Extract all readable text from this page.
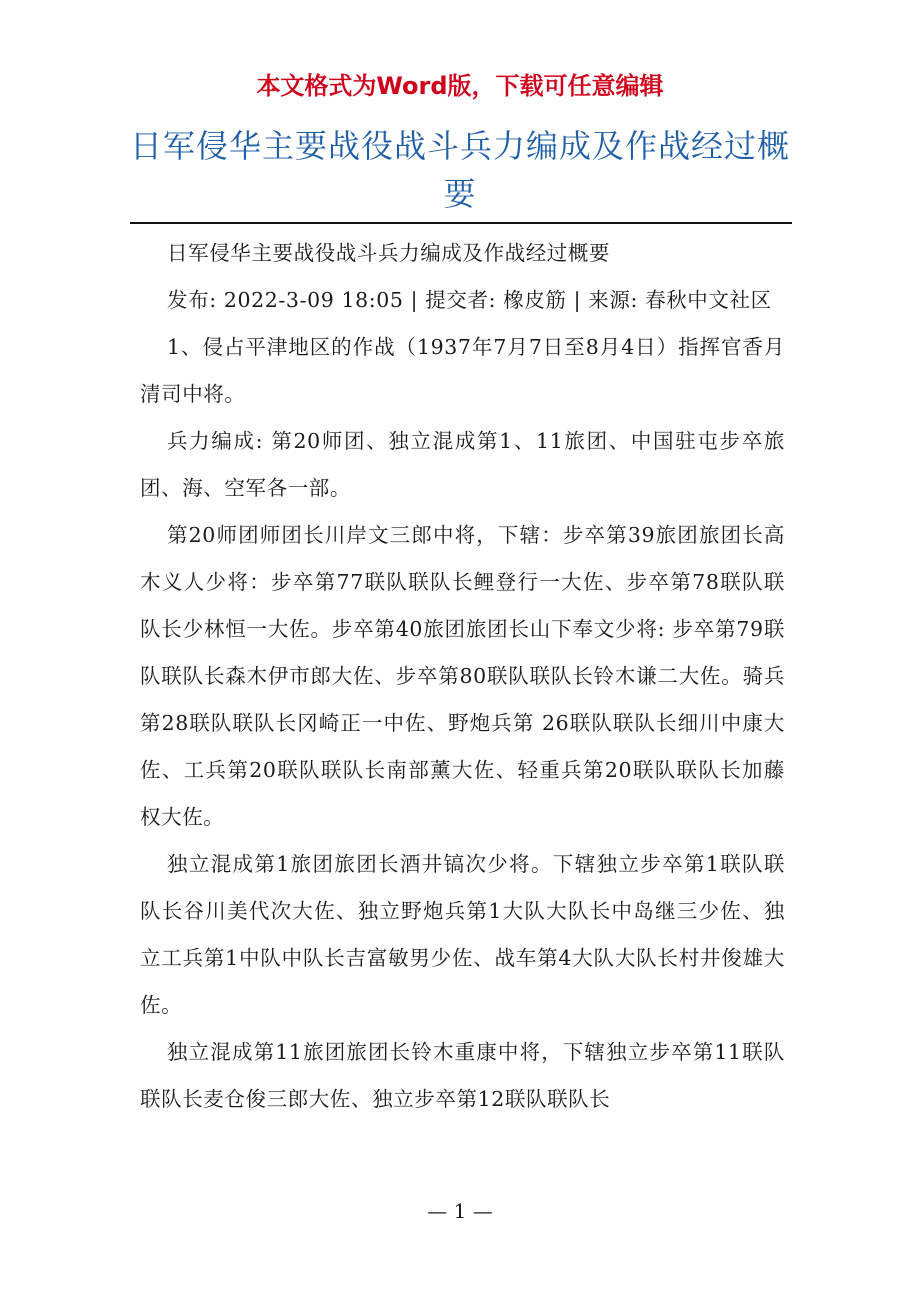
本文格式为Word版，下载可任意编辑
日军侵华主要战役战斗兵力编成及作战经过概要

日军侵华主要战役战斗兵力编成及作战经过概要

发布: 2022-3-09 18:05 | 提交者: 橡皮筋 | 来源: 春秋中文社区

1、侵占平津地区的作战（1937年7月7日至8月4日）指挥官香月清司中将。

兵力编成: 第20师团、独立混成第1、11旅团、中国驻屯步卒旅团、海、空军各一部。

第20师团师团长川岸文三郎中将，下辖：步卒第39旅团旅团长高木义人少将：步卒第77联队联队长鲤登行一大佐、步卒第78联队联队长少林恒一大佐。步卒第40旅团旅团长山下奉文少将: 步卒第79联队联队长森木伊市郎大佐、步卒第80联队联队长铃木谦二大佐。骑兵第28联队联队长冈崎正一中佐、野炮兵第 26联队联队长细川中康大佐、工兵第20联队联队长南部薰大佐、轻重兵第20联队联队长加藤权大佐。

独立混成第1旅团旅团长酒井镐次少将。下辖独立步卒第1联队联队长谷川美代次大佐、独立野炮兵第1大队大队长中岛继三少佐、独立工兵第1中队中队长吉富敏男少佐、战车第4大队大队长村井俊雄大佐。

独立混成第11旅团旅团长铃木重康中将，下辖独立步卒第11联队联队长麦仓俊三郎大佐、独立步卒第12联队联队长

— 1 —
